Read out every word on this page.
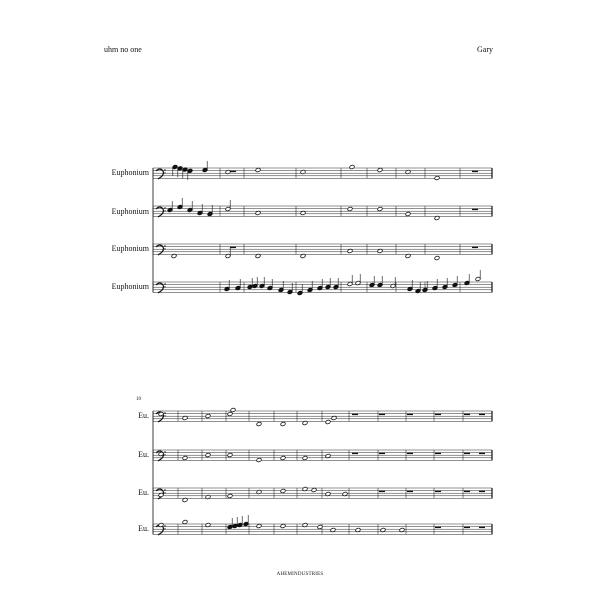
uhm no one	Gary
Euphonium
Euphonium
Euphonium
Euphonium
Eu.
Eu.
Eu.
Eu.
10
AHEMINDUSTRIES
